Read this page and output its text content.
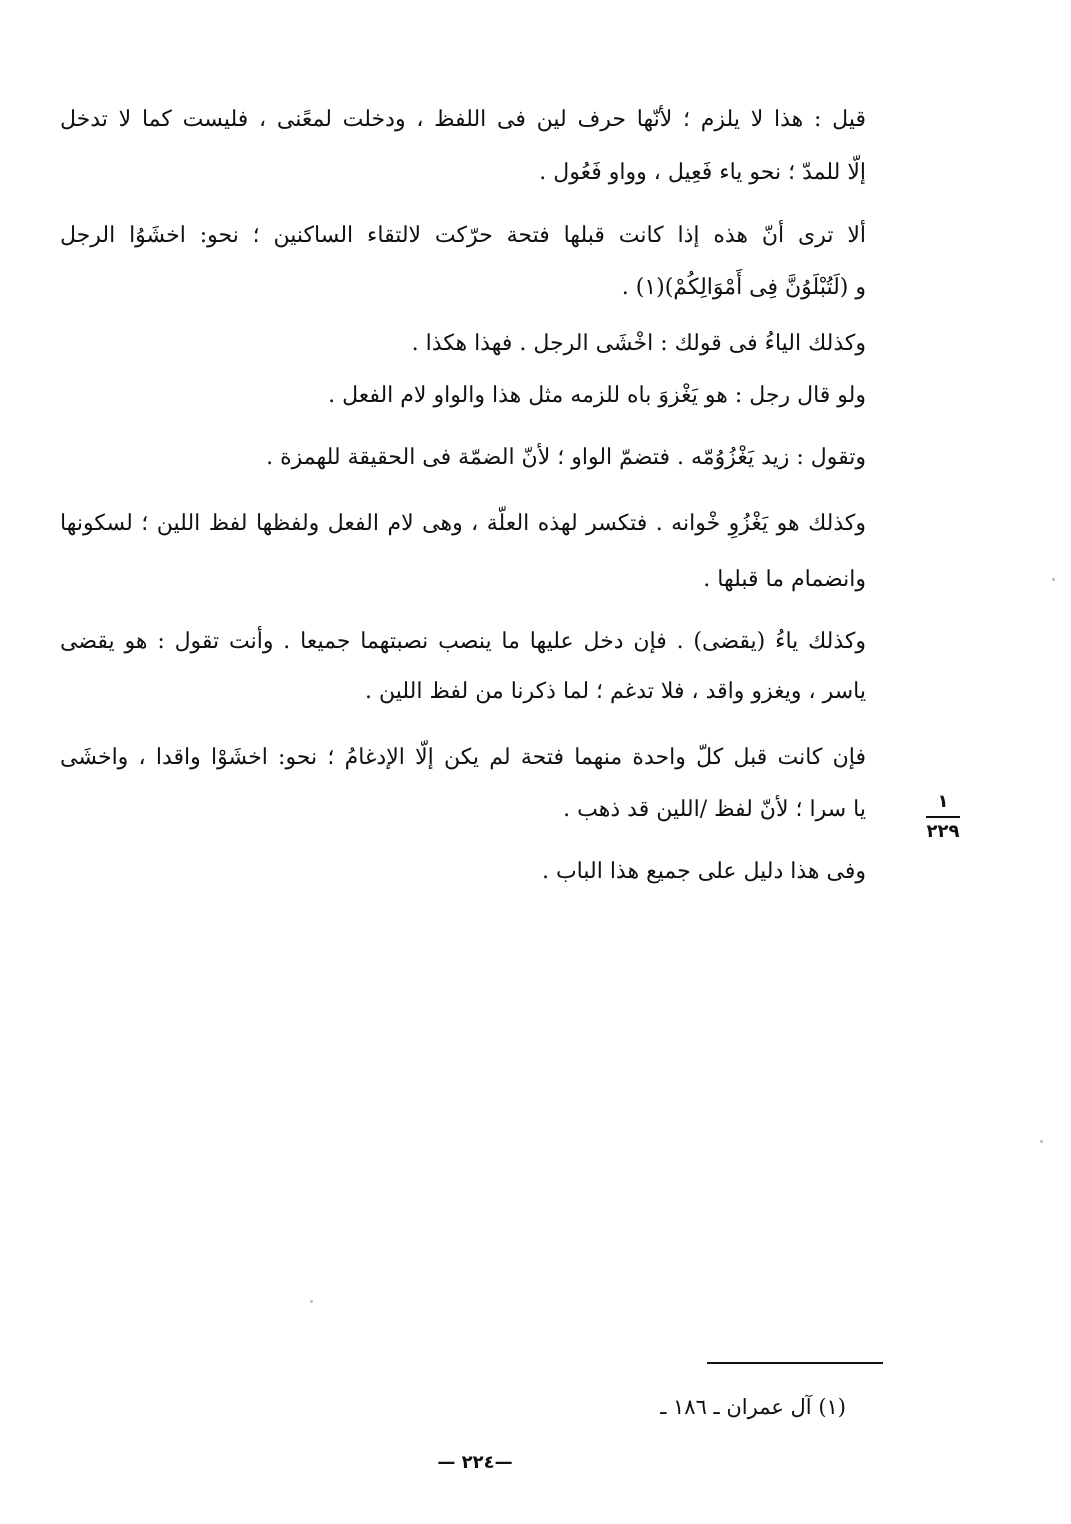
قيل : هذا لا يلزم ؛ لأنّها حرف لين فى اللفظ ، ودخلت لمعًنى ، فليست كما لا تدخل
إلّا للمدّ ؛ نحو ياء فَعِيل ، وواو فَعُول .
ألا ترى أنّ هذه إذا كانت قبلها فتحة حرّكت لالتقاء الساكنين ؛ نحو: اخشَوُا الرجل
و (لَتُبْلَوُنَّ فِى أَمْوَالِكُمْ)(١) .
وكذلك الياءُ فى قولك : اخْشَى الرجل . فهذا هكذا .
ولو قال رجل : هو يَغْزوَ باه للزمه مثل هذا والواو لام الفعل .
وتقول : زيد يَغْزُوُمّه . فتضمّ الواو ؛ لأنّ الضمّة فى الحقيقة للهمزة .
وكذلك هو يَغْزُوِ خْوانه . فتكسر لهذه العلّة ، وهى لام الفعل ولفظها لفظ اللين ؛ لسكونها
وانضمام ما قبلها .
وكذلك ياءُ (يقضى) . فإن دخل عليها ما ينصب نصبتهما جميعا . وأنت تقول : هو يقضى
ياسر ، ويغزو واقد ، فلا تدغم ؛ لما ذكرنا من لفظ اللين .
فإن كانت قبل كلّ واحدة منهما فتحة لم يكن إلّا الإدغامُ ؛ نحو: اخشَوْا واقدا ، واخشَى
يا سرا ؛ لأنّ لفظ /اللين قد ذهب .
وفى هذا دليل على جميع هذا الباب .
١
٢٢٩
(١) آل عمران ـ ١٨٦ ـ
— ٢٢٤—
